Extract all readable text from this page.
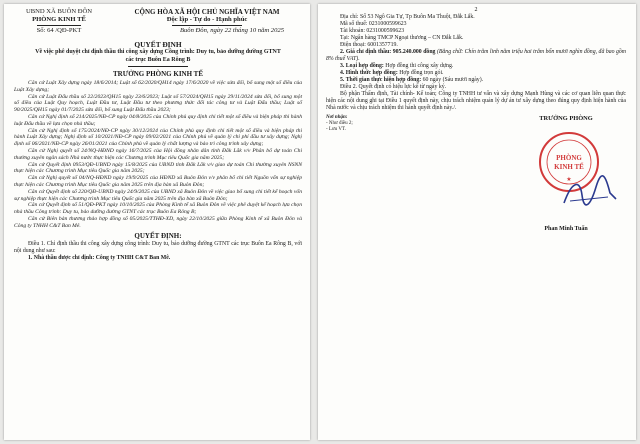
UBND XÃ BUÔN ĐÔN
PHÒNG KINH TẾ
Số: 64 /QĐ-PKT
CỘNG HÒA XÃ HỘI CHỦ NGHĨA VIỆT NAM
Độc lập - Tự do - Hạnh phúc
Buôn Đôn, ngày 22 tháng 10 năm 2025
QUYẾT ĐỊNH
Về việc phê duyệt chỉ định thầu thi công xây dựng Công trình: Duy tu, bảo dưỡng đường GTNT các trục Buôn Ea Rông B
TRƯỞNG PHÒNG KINH TẾ

Căn cứ Luật Xây dựng ngày 18/6/2014; Luật số 62/2020/QH14 ngày 17/6/2020 về việc sửa đổi, bổ sung một số điều của Luật Xây dựng;

Căn cứ Luật Đấu thầu số 22/2023/QH15 ngày 23/6/2023; Luật số 57/2024/QH15 ngày 29/11/2024 sửa đổi, bổ sung một số điều của Luật Quy hoạch, Luật Đầu tư, Luật Đầu tư theo phương thức đối tác công tư và Luật Đấu thầu; Luật số 90/2025/QH15 ngày 01/7/2025 sửa đổi, bổ sung Luật Đấu thầu 2023;

Căn cứ Nghị định số 214/2025/NĐ-CP ngày 04/8/2025 của Chính phủ quy định chi tiết một số điều và biện pháp thi hành luật Đấu thầu về lựa chọn nhà thầu;

Căn cứ Nghị định số 175/2024/NĐ-CP ngày 30/12/2024 của Chính phủ quy định chi tiết một số điều và biện pháp thi hành Luật Xây dựng; Nghị định số 10/2021/NĐ-CP ngày 09/02/2021 của Chính phủ về quản lý chi phí đầu tư xây dựng; Nghị định số 06/2021/NĐ-CP ngày 26/01/2021 của Chính phủ về quản lý chất lượng và bảo trì công trình xây dựng;

Căn cứ Nghị quyết số 24/NQ-HĐND ngày 16/7/2025 của Hội đồng nhân dân tỉnh Đắk Lắk v/v Phân bổ dự toán Chi thường xuyên ngân sách Nhà nước thực hiện các Chương trình Mục tiêu Quốc gia năm 2025;

Căn cứ Quyết định 0953/QĐ-UBND ngày 15/8/2025 của UBND tỉnh Đắk Lắk v/v giao dự toán Chi thường xuyên NSNN thực hiện các Chương trình Mục tiêu Quốc gia năm 2025;

Căn cứ Nghị quyết số 04/NQ-HĐND ngày 19/9/2025 của HĐND xã Buôn Đôn v/v phân bổ chi tiết Nguồn vốn sự nghiệp thực hiện các Chương trình Mục tiêu Quốc gia năm 2025 trên địa bàn xã Buôn Đôn;

Căn cứ Quyết định số 220/QĐ-UBND ngày 24/9/2025 của UBND xã Buôn Đôn về việc giao bổ sung chi tiết kế hoạch vốn sự nghiệp thực hiện các Chương trình Mục tiêu Quốc gia năm 2025 trên địa bàn xã Buôn Đôn;

Căn cứ Quyết định số 51/QĐ-PKT ngày 10/10/2025 của Phòng Kinh tế xã Buôn Đôn về việc phê duyệt kế hoạch lựa chọn nhà thầu Công trình: Duy tu, bảo dưỡng đường GTNT các trục Buôn Ea Rông B;

Căn cứ Biên bản thương thảo hợp đồng số 05/2025/TTHĐ-XD, ngày 22/10/2025 giữa Phòng Kinh tế xã Buôn Đôn và Công ty TNHH C&T Ban Mê.

QUYẾT ĐỊNH:

Điều 1. Chỉ định thầu thi công xây dựng công trình: Duy tu, bảo dưỡng đường GTNT các trục Buôn Ea Rông B, với nội dung như sau:

1. Nhà thầu được chỉ định: Công ty TNHH C&T Ban Mê.

2

Địa chỉ: Số 53 Ngô Gia Tự, Tp Buôn Ma Thuột, Đắk Lắk.

Mã số thuế: 0231000599623

Tài khoản: 0231000599623

Tại: Ngân hàng TMCP Ngoại thương – CN Đắk Lắk.

Điện thoại: 6001357719.

2. Giá chỉ định thầu: 905.240.000 đồng (Bằng chữ: Chín trăm linh năm triệu hai trăm bốn mươi nghìn đồng, đã bao gồm 8% thuế VAT).

3. Loại hợp đồng: Hợp đồng thi công xây dựng.

4. Hình thức hợp đồng: Hợp đồng trọn gói.

5. Thời gian thực hiện hợp đồng: 60 ngày (Sáu mươi ngày).

Điều 2. Quyết định có hiệu lực kể từ ngày ký.

Bộ phận Thẩm định, Tài chính- Kế toán; Công ty TNHH tư vấn và xây dựng Mạnh Hùng và các cơ quan liên quan thực hiện các nội dung ghi tại Điều 1 quyết định này, chịu trách nhiệm quản lý dự án tư xây dựng theo đúng quy định hiện hành của Nhà nước và chịu trách nhiệm thi hành quyết định này./.

Nơi nhận:
- Như điều 2;
- Lưu VT.
TRƯỞNG PHÒNG
PHÒNG
KINH TẾ
★
Phan Minh Tuấn
